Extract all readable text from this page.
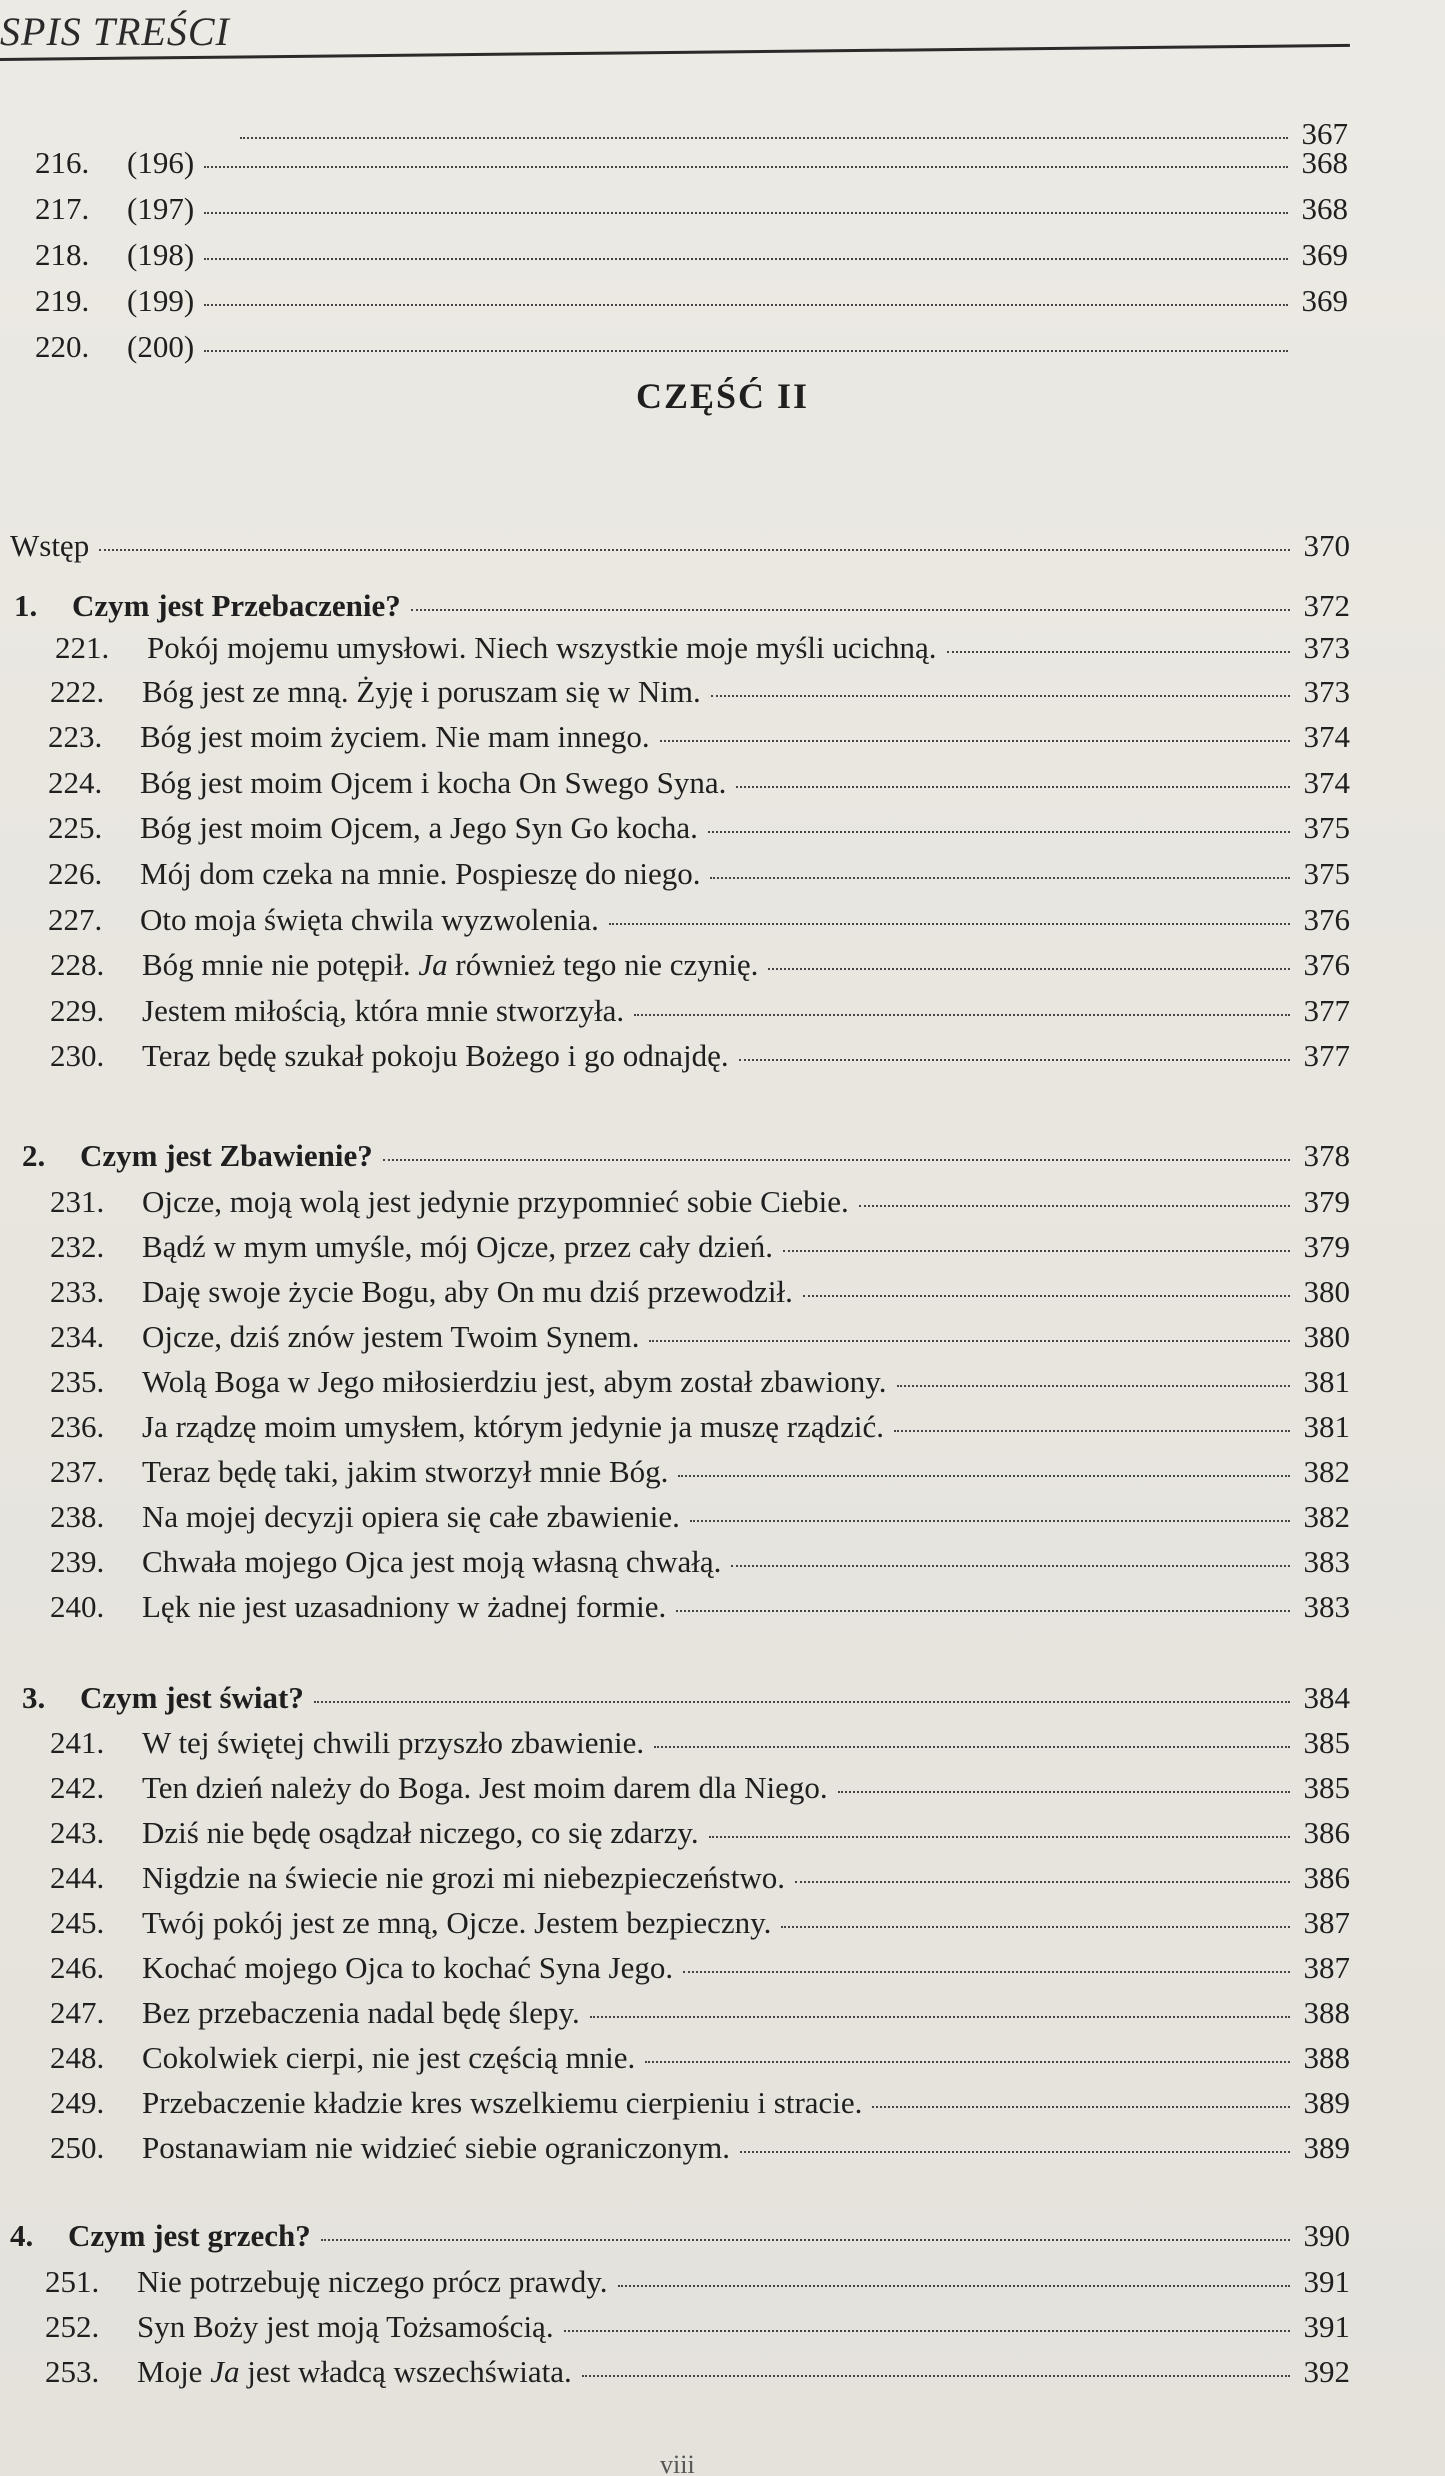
SPIS TREŚCI
CZĘŚĆ II
367
216.	(196)	368
217.	(197)	368
218.	(198)	369
219.	(199)	369
220.	(200)
Wstęp	370
1.	Czym jest Przebaczenie?	372
221.	Pokój mojemu umysłowi. Niech wszystkie moje myśli ucichną.	373
222.	Bóg jest ze mną. Żyję i poruszam się w Nim.	373
223.	Bóg jest moim życiem. Nie mam innego.	374
224.	Bóg jest moim Ojcem i kocha On Swego Syna.	374
225.	Bóg jest moim Ojcem, a Jego Syn Go kocha.	375
226.	Mój dom czeka na mnie. Pospieszę do niego.	375
227.	Oto moja święta chwila wyzwolenia.	376
228.	Bóg mnie nie potępił. Ja również tego nie czynię.	376
229.	Jestem miłością, która mnie stworzyła.	377
230.	Teraz będę szukał pokoju Bożego i go odnajdę.	377
2.	Czym jest Zbawienie?	378
231.	Ojcze, moją wolą jest jedynie przypomnieć sobie Ciebie.	379
232.	Bądź w mym umyśle, mój Ojcze, przez cały dzień.	379
233.	Daję swoje życie Bogu, aby On mu dziś przewodził.	380
234.	Ojcze, dziś znów jestem Twoim Synem.	380
235.	Wolą Boga w Jego miłosierdziu jest, abym został zbawiony.	381
236.	Ja rządzę moim umysłem, którym jedynie ja muszę rządzić.	381
237.	Teraz będę taki, jakim stworzył mnie Bóg.	382
238.	Na mojej decyzji opiera się całe zbawienie.	382
239.	Chwała mojego Ojca jest moją własną chwałą.	383
240.	Lęk nie jest uzasadniony w żadnej formie.	383
3.	Czym jest świat?	384
241.	W tej świętej chwili przyszło zbawienie.	385
242.	Ten dzień należy do Boga. Jest moim darem dla Niego.	385
243.	Dziś nie będę osądzał niczego, co się zdarzy.	386
244.	Nigdzie na świecie nie grozi mi niebezpieczeństwo.	386
245.	Twój pokój jest ze mną, Ojcze. Jestem bezpieczny.	387
246.	Kochać mojego Ojca to kochać Syna Jego.	387
247.	Bez przebaczenia nadal będę ślepy.	388
248.	Cokolwiek cierpi, nie jest częścią mnie.	388
249.	Przebaczenie kładzie kres wszelkiemu cierpieniu i stracie.	389
250.	Postanawiam nie widzieć siebie ograniczonym.	389
4.	Czym jest grzech?	390
251.	Nie potrzebuję niczego prócz prawdy.	391
252.	Syn Boży jest moją Tożsamością.	391
253.	Moje Ja jest władcą wszechświata.	392
viii
